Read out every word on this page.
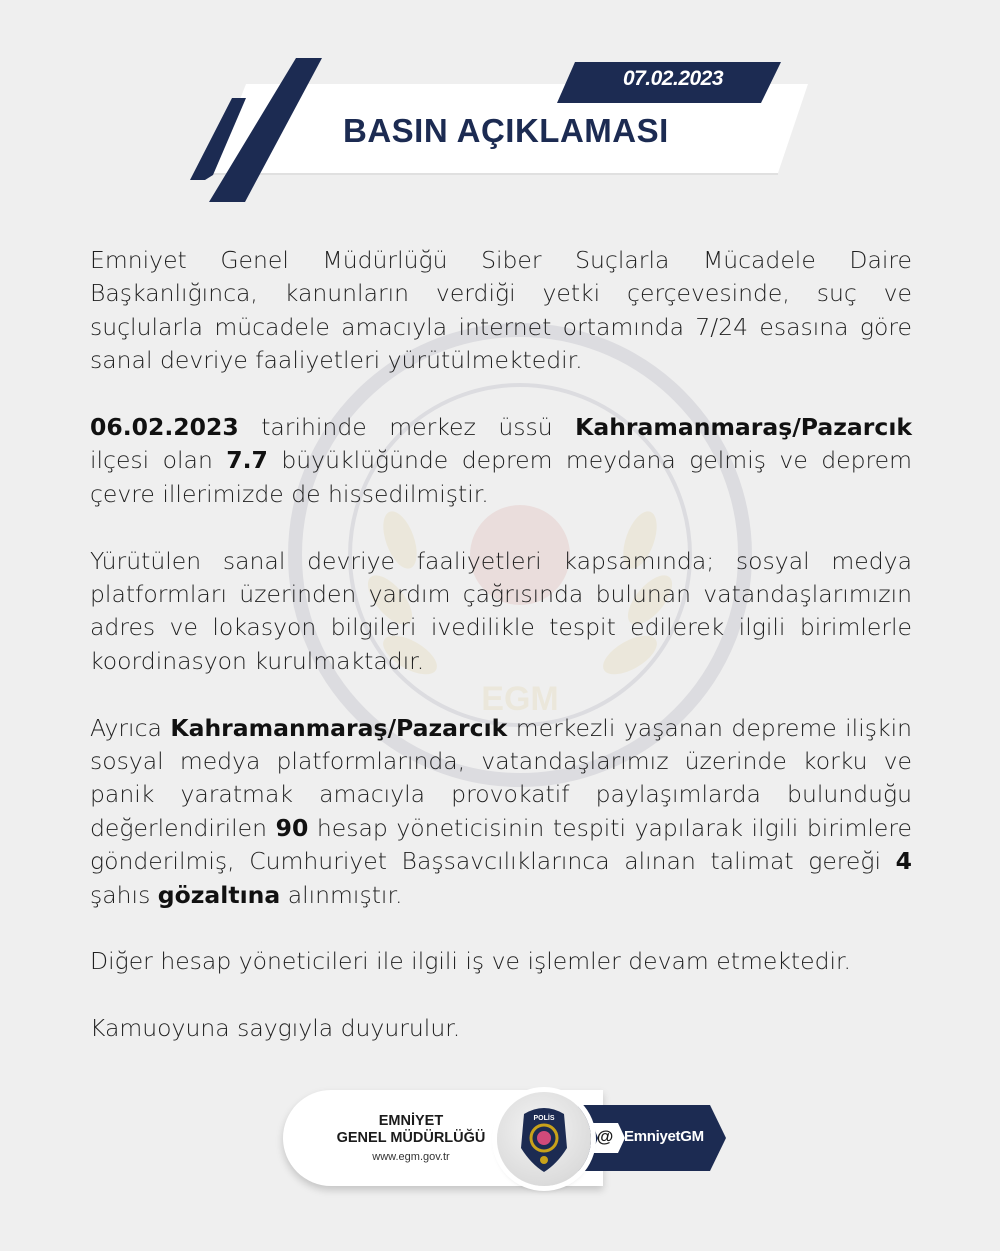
07.02.2023
BASIN AÇIKLAMASI
EGM

Emniyet Genel Müdürlüğü Siber Suçlarla Mücadele Daire Başkanlığınca, kanunların verdiği yetki çerçevesinde, suç ve suçlularla mücadele amacıyla internet ortamında 7/24 esasına göre sanal devriye faaliyetleri yürütülmektedir.

06.02.2023 tarihinde merkez üssü Kahramanmaraş/Pazarcık ilçesi olan 7.7 büyüklüğünde deprem meydana gelmiş ve deprem çevre illerimizde de hissedilmiştir.

Yürütülen sanal devriye faaliyetleri kapsamında; sosyal medya platformları üzerinden yardım çağrısında bulunan vatandaşlarımızın adres ve lokasyon bilgileri ivedilikle tespit edilerek ilgili birimlerle koordinasyon kurulmaktadır.

Ayrıca Kahramanmaraş/Pazarcık merkezli yaşanan depreme ilişkin sosyal medya platformlarında, vatandaşlarımız üzerinde korku ve panik yaratmak amacıyla provokatif paylaşımlarda bulunduğu değerlendirilen 90 hesap yöneticisinin tespiti yapılarak ilgili birimlere gönderilmiş, Cumhuriyet Başsavcılıklarınca alınan talimat gereği 4 şahıs gözaltına alınmıştır.

Diğer hesap yöneticileri ile ilgili iş ve işlemler devam etmektedir.

Kamuoyuna saygıyla duyurulur.

EMNİYET
GENEL MÜDÜRLÜĞÜ
www.egm.gov.tr
@ EmniyetGM
POLİS
